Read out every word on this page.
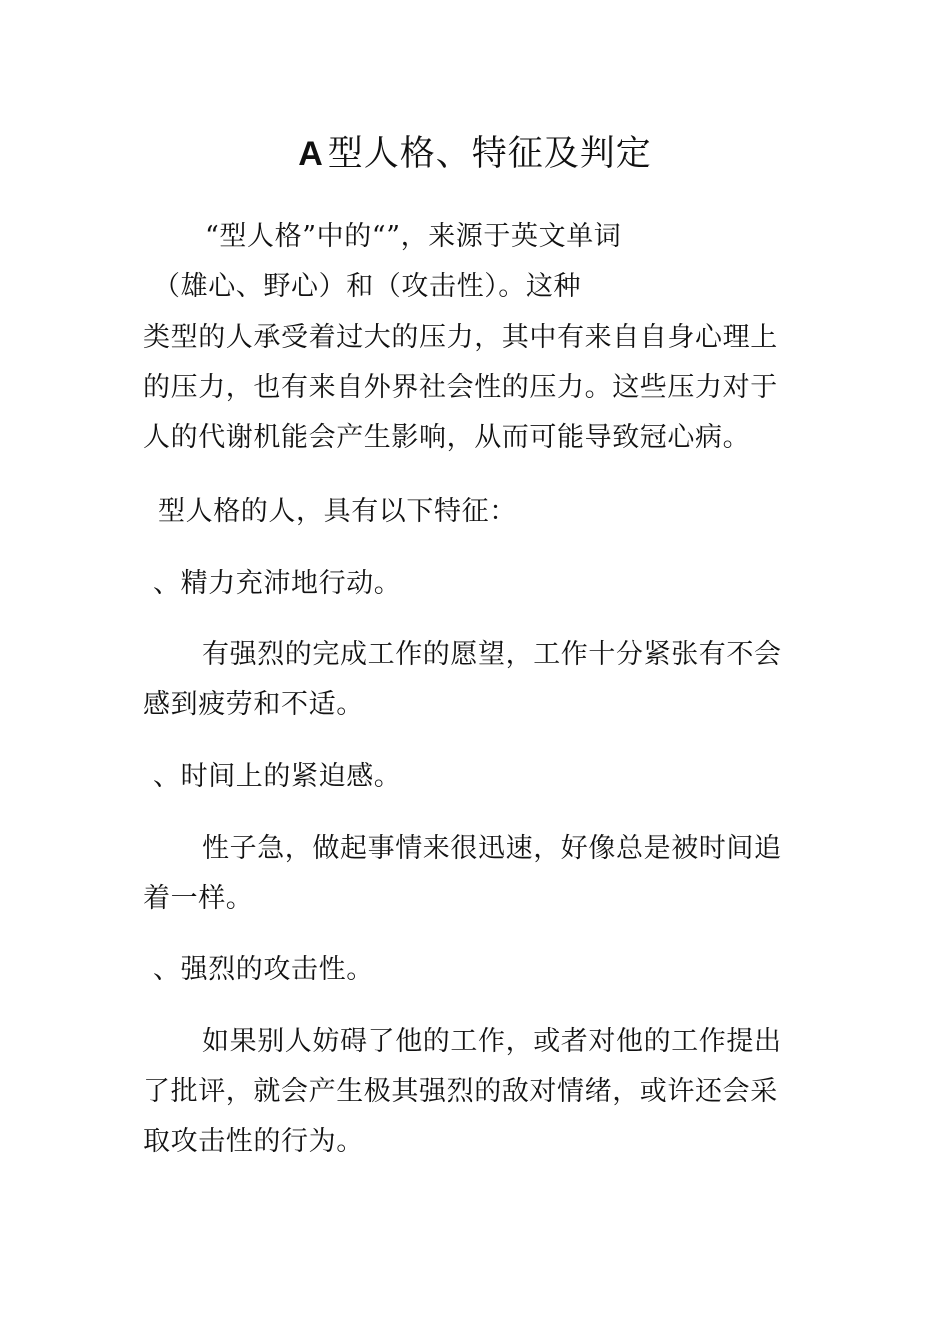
A 型人格、特征及判定
“型人格”中的“”，来源于英文单词
（雄心、野心）和（攻击性）。这种
类型的人承受着过大的压力，其中有来自自身心理上
的压力，也有来自外界社会性的压力。这些压力对于
人的代谢机能会产生影响，从而可能导致冠心病。
型人格的人，具有以下特征：
、精力充沛地行动。
有强烈的完成工作的愿望，工作十分紧张有不会
感到疲劳和不适。
、时间上的紧迫感。
性子急，做起事情来很迅速，好像总是被时间追
着一样。
、强烈的攻击性。
如果别人妨碍了他的工作，或者对他的工作提出
了批评，就会产生极其强烈的敌对情绪，或许还会采
取攻击性的行为。
